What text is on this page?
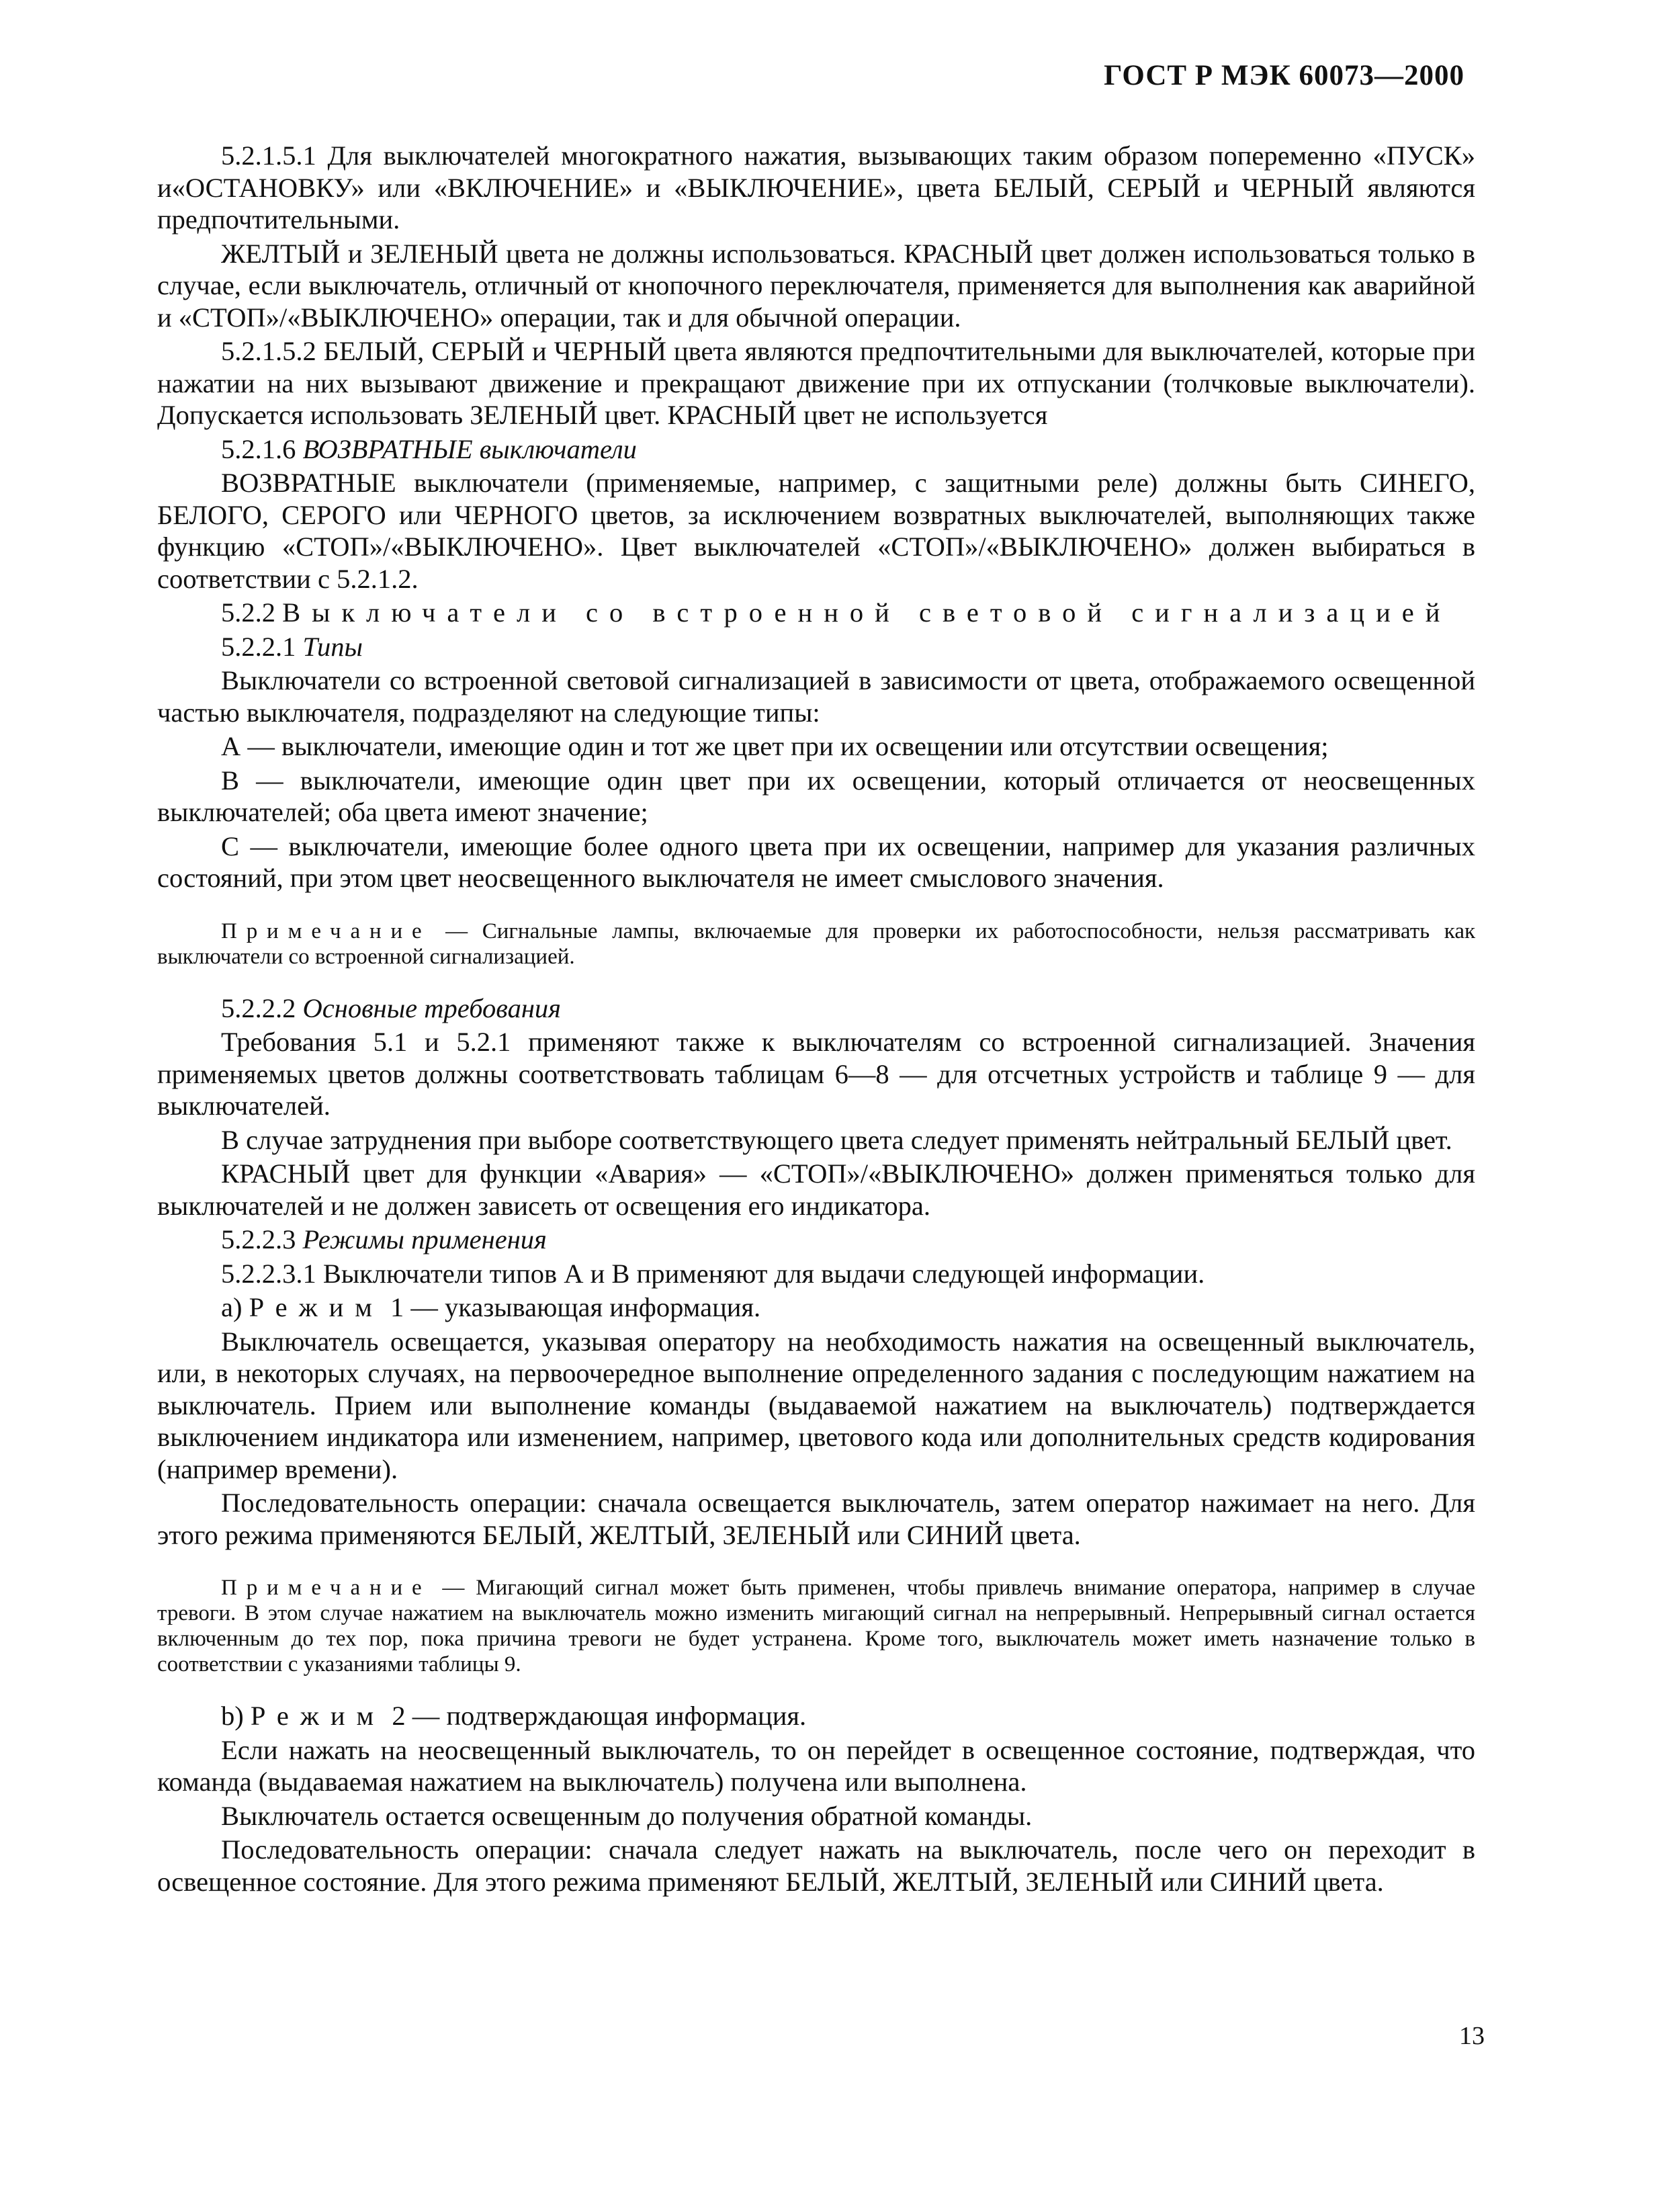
ГОСТ Р МЭК 60073—2000

5.2.1.5.1 Для выключателей многократного нажатия, вызывающих таким образом попеременно «ПУСК» и«ОСТАНОВКУ» или «ВКЛЮЧЕНИЕ» и «ВЫКЛЮЧЕНИЕ», цвета БЕЛЫЙ, СЕРЫЙ и ЧЕРНЫЙ являются предпочтительными.

ЖЕЛТЫЙ и ЗЕЛЕНЫЙ цвета не должны использоваться. КРАСНЫЙ цвет должен использоваться только в случае, если выключатель, отличный от кнопочного переключателя, применяется для выполнения как аварийной и «СТОП»/«ВЫКЛЮЧЕНО» операции, так и для обычной операции.

5.2.1.5.2 БЕЛЫЙ, СЕРЫЙ и ЧЕРНЫЙ цвета являются предпочтительными для выключателей, которые при нажатии на них вызывают движение и прекращают движение при их отпускании (толчковые выключатели). Допускается использовать ЗЕЛЕНЫЙ цвет. КРАСНЫЙ цвет не используется

5.2.1.6 ВОЗВРАТНЫЕ выключатели

ВОЗВРАТНЫЕ выключатели (применяемые, например, с защитными реле) должны быть СИНЕГО, БЕЛОГО, СЕРОГО или ЧЕРНОГО цветов, за исключением возвратных выключателей, выполняющих также функцию «СТОП»/«ВЫКЛЮЧЕНО». Цвет выключателей «СТОП»/«ВЫКЛЮЧЕНО» должен выбираться в соответствии с 5.2.1.2.

5.2.2 Выключатели со встроенной световой сигнализацией

5.2.2.1 Типы

Выключатели со встроенной световой сигнализацией в зависимости от цвета, отображаемого освещенной частью выключателя, подразделяют на следующие типы:

А — выключатели, имеющие один и тот же цвет при их освещении или отсутствии освещения;

В — выключатели, имеющие один цвет при их освещении, который отличается от неосвещенных выключателей; оба цвета имеют значение;

С — выключатели, имеющие более одного цвета при их освещении, например для указания различных состояний, при этом цвет неосвещенного выключателя не имеет смыслового значения.

Примечание — Сигнальные лампы, включаемые для проверки их работоспособности, нельзя рассматривать как выключатели со встроенной сигнализацией.

5.2.2.2 Основные требования

Требования 5.1 и 5.2.1 применяют также к выключателям со встроенной сигнализацией. Значения применяемых цветов должны соответствовать таблицам 6—8 — для отсчетных устройств и таблице 9 — для выключателей.

В случае затруднения при выборе соответствующего цвета следует применять нейтральный БЕЛЫЙ цвет.

КРАСНЫЙ цвет для функции «Авария» — «СТОП»/«ВЫКЛЮЧЕНО» должен применяться только для выключателей и не должен зависеть от освещения его индикатора.

5.2.2.3 Режимы применения

5.2.2.3.1 Выключатели типов А и В применяют для выдачи следующей информации.

а) Режим 1 — указывающая информация.

Выключатель освещается, указывая оператору на необходимость нажатия на освещенный выключатель, или, в некоторых случаях, на первоочередное выполнение определенного задания с последующим нажатием на выключатель. Прием или выполнение команды (выдаваемой нажатием на выключатель) подтверждается выключением индикатора или изменением, например, цветового кода или дополнительных средств кодирования (например времени).

Последовательность операции: сначала освещается выключатель, затем оператор нажимает на него. Для этого режима применяются БЕЛЫЙ, ЖЕЛТЫЙ, ЗЕЛЕНЫЙ или СИНИЙ цвета.

Примечание — Мигающий сигнал может быть применен, чтобы привлечь внимание оператора, например в случае тревоги. В этом случае нажатием на выключатель можно изменить мигающий сигнал на непрерывный. Непрерывный сигнал остается включенным до тех пор, пока причина тревоги не будет устранена. Кроме того, выключатель может иметь назначение только в соответствии с указаниями таблицы 9.

b) Режим 2 — подтверждающая информация.

Если нажать на неосвещенный выключатель, то он перейдет в освещенное состояние, подтверждая, что команда (выдаваемая нажатием на выключатель) получена или выполнена.

Выключатель остается освещенным до получения обратной команды.

Последовательность операции: сначала следует нажать на выключатель, после чего он переходит в освещенное состояние. Для этого режима применяют БЕЛЫЙ, ЖЕЛТЫЙ, ЗЕЛЕНЫЙ или СИНИЙ цвета.

13
